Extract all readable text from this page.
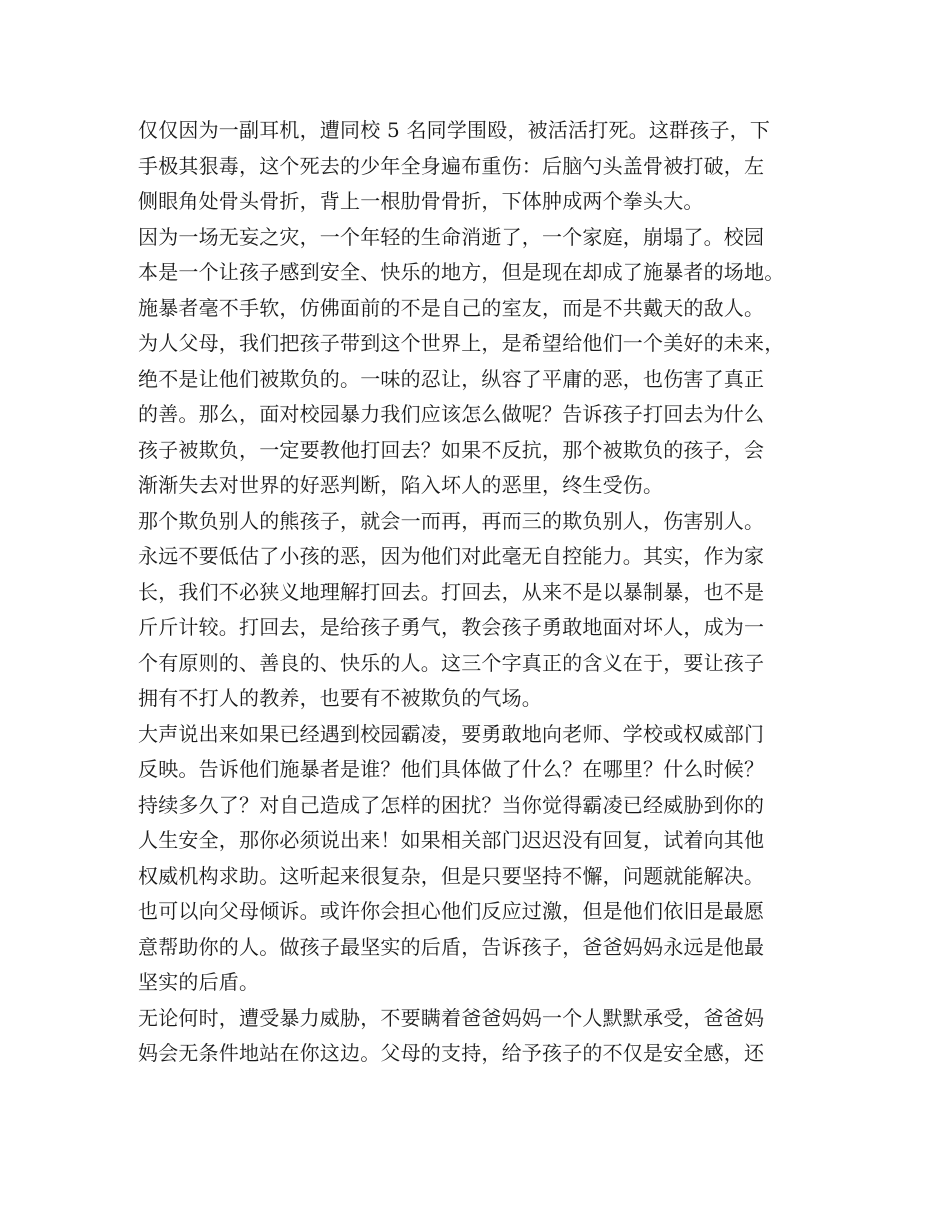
仅仅因为一副耳机，遭同校 5 名同学围殴，被活活打死。这群孩子，下
手极其狠毒，这个死去的少年全身遍布重伤：后脑勺头盖骨被打破，左
侧眼角处骨头骨折，背上一根肋骨骨折，下体肿成两个拳头大。
因为一场无妄之灾，一个年轻的生命消逝了，一个家庭，崩塌了。校园
本是一个让孩子感到安全、快乐的地方，但是现在却成了施暴者的场地。
施暴者毫不手软，仿佛面前的不是自己的室友，而是不共戴天的敌人。
为人父母，我们把孩子带到这个世界上，是希望给他们一个美好的未来，
绝不是让他们被欺负的。一味的忍让，纵容了平庸的恶，也伤害了真正
的善。那么，面对校园暴力我们应该怎么做呢？告诉孩子打回去为什么
孩子被欺负，一定要教他打回去？如果不反抗，那个被欺负的孩子，会
渐渐失去对世界的好恶判断，陷入坏人的恶里，终生受伤。
那个欺负别人的熊孩子，就会一而再，再而三的欺负别人，伤害别人。
永远不要低估了小孩的恶，因为他们对此毫无自控能力。其实，作为家
长，我们不必狭义地理解打回去。打回去，从来不是以暴制暴，也不是
斤斤计较。打回去，是给孩子勇气，教会孩子勇敢地面对坏人，成为一
个有原则的、善良的、快乐的人。这三个字真正的含义在于，要让孩子
拥有不打人的教养，也要有不被欺负的气场。
大声说出来如果已经遇到校园霸凌，要勇敢地向老师、学校或权威部门
反映。告诉他们施暴者是谁？他们具体做了什么？在哪里？什么时候？
持续多久了？对自己造成了怎样的困扰？当你觉得霸凌已经威胁到你的
人生安全，那你必须说出来！如果相关部门迟迟没有回复，试着向其他
权威机构求助。这听起来很复杂，但是只要坚持不懈，问题就能解决。
也可以向父母倾诉。或许你会担心他们反应过激，但是他们依旧是最愿
意帮助你的人。做孩子最坚实的后盾，告诉孩子，爸爸妈妈永远是他最
坚实的后盾。
无论何时，遭受暴力威胁，不要瞒着爸爸妈妈一个人默默承受，爸爸妈
妈会无条件地站在你这边。父母的支持，给予孩子的不仅是安全感，还
